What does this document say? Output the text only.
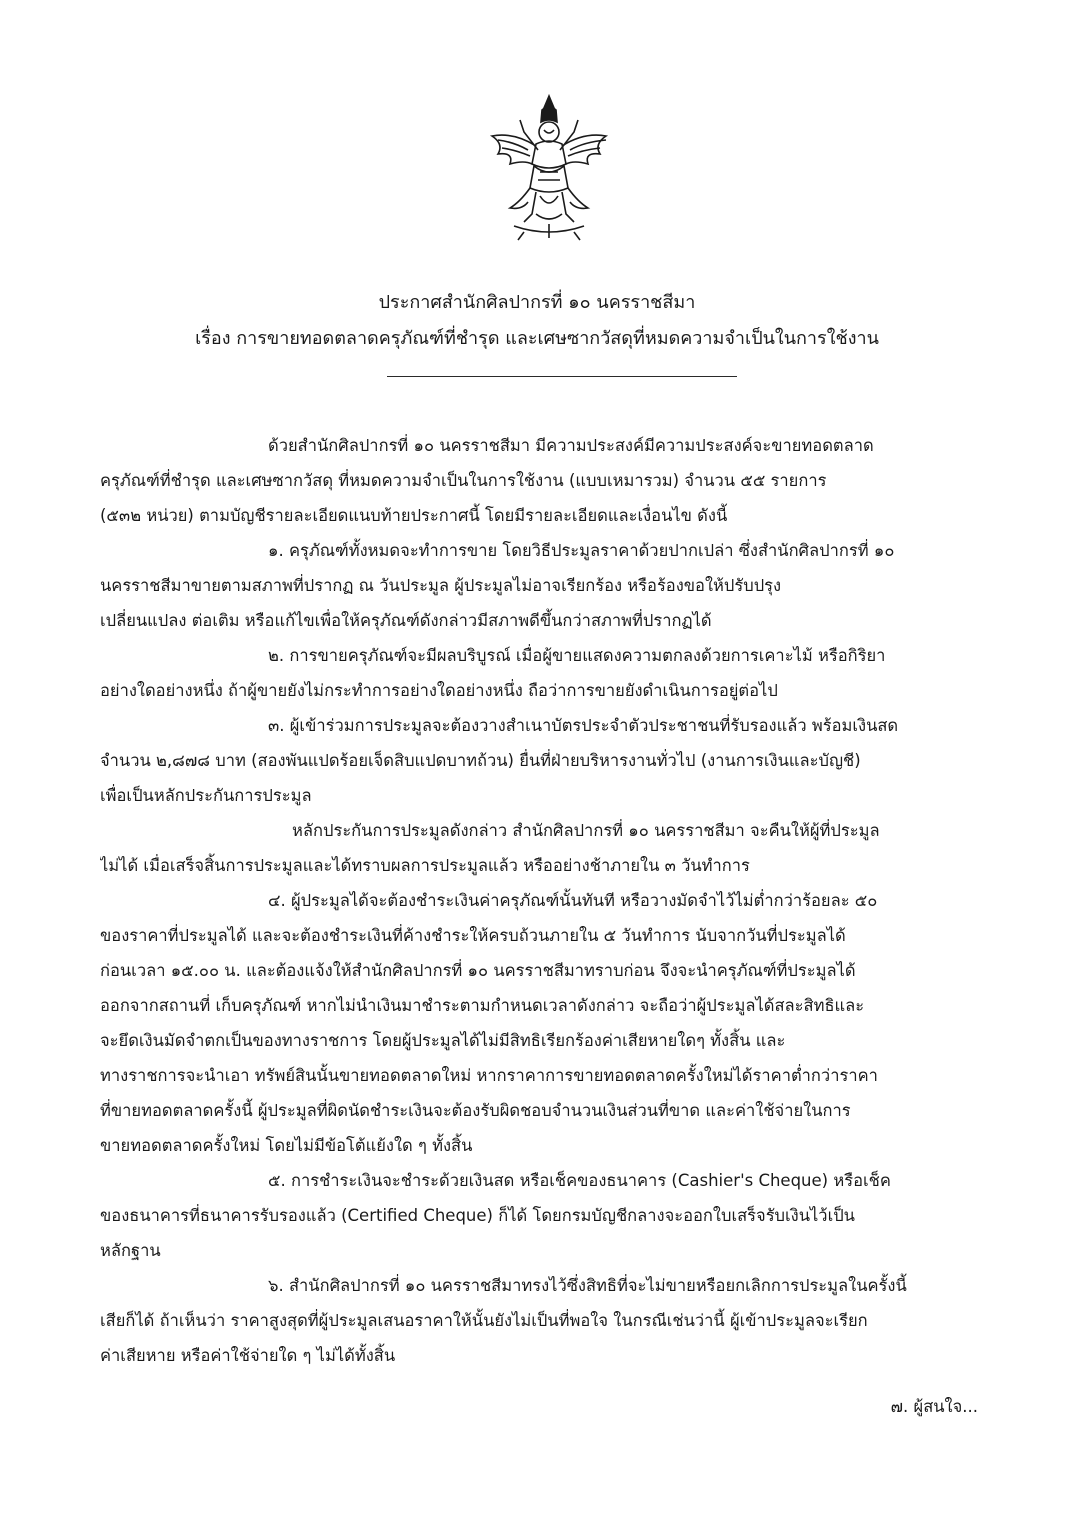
ประกาศสำนักศิลปากรที่ ๑๐ นครราชสีมา
เรื่อง การขายทอดตลาดครุภัณฑ์ที่ชำรุด และเศษซากวัสดุที่หมดความจำเป็นในการใช้งาน
ด้วยสำนักศิลปากรที่ ๑๐ นครราชสีมา มีความประสงค์มีความประสงค์จะขายทอดตลาด
ครุภัณฑ์ที่ชำรุด และเศษซากวัสดุ ที่หมดความจำเป็นในการใช้งาน (แบบเหมารวม) จำนวน ๕๕ รายการ
(๕๓๒ หน่วย) ตามบัญชีรายละเอียดแนบท้ายประกาศนี้ โดยมีรายละเอียดและเงื่อนไข ดังนี้
๑. ครุภัณฑ์ทั้งหมดจะทำการขาย โดยวิธีประมูลราคาด้วยปากเปล่า ซึ่งสำนักศิลปากรที่ ๑๐
นครราชสีมาขายตามสภาพที่ปรากฏ ณ วันประมูล ผู้ประมูลไม่อาจเรียกร้อง หรือร้องขอให้ปรับปรุง
เปลี่ยนแปลง ต่อเติม หรือแก้ไขเพื่อให้ครุภัณฑ์ดังกล่าวมีสภาพดีขึ้นกว่าสภาพที่ปรากฏได้
๒. การขายครุภัณฑ์จะมีผลบริบูรณ์ เมื่อผู้ขายแสดงความตกลงด้วยการเคาะไม้ หรือกิริยา
อย่างใดอย่างหนึ่ง ถ้าผู้ขายยังไม่กระทำการอย่างใดอย่างหนึ่ง ถือว่าการขายยังดำเนินการอยู่ต่อไป
๓. ผู้เข้าร่วมการประมูลจะต้องวางสำเนาบัตรประจำตัวประชาชนที่รับรองแล้ว พร้อมเงินสด
จำนวน ๒,๘๗๘ บาท (สองพันแปดร้อยเจ็ดสิบแปดบาทถ้วน) ยื่นที่ฝ่ายบริหารงานทั่วไป (งานการเงินและบัญชี)
เพื่อเป็นหลักประกันการประมูล
หลักประกันการประมูลดังกล่าว สำนักศิลปากรที่ ๑๐ นครราชสีมา จะคืนให้ผู้ที่ประมูล
ไม่ได้ เมื่อเสร็จสิ้นการประมูลและได้ทราบผลการประมูลแล้ว หรืออย่างช้าภายใน ๓ วันทำการ
๔. ผู้ประมูลได้จะต้องชำระเงินค่าครุภัณฑ์นั้นทันที หรือวางมัดจำไว้ไม่ต่ำกว่าร้อยละ ๕๐
ของราคาที่ประมูลได้ และจะต้องชำระเงินที่ค้างชำระให้ครบถ้วนภายใน ๕ วันทำการ นับจากวันที่ประมูลได้
ก่อนเวลา ๑๕.๐๐ น. และต้องแจ้งให้สำนักศิลปากรที่ ๑๐ นครราชสีมาทราบก่อน จึงจะนำครุภัณฑ์ที่ประมูลได้
ออกจากสถานที่ เก็บครุภัณฑ์ หากไม่นำเงินมาชำระตามกำหนดเวลาดังกล่าว จะถือว่าผู้ประมูลได้สละสิทธิและ
จะยึดเงินมัดจำตกเป็นของทางราชการ โดยผู้ประมูลได้ไม่มีสิทธิเรียกร้องค่าเสียหายใดๆ ทั้งสิ้น และ
ทางราชการจะนำเอา ทรัพย์สินนั้นขายทอดตลาดใหม่ หากราคาการขายทอดตลาดครั้งใหม่ได้ราคาต่ำกว่าราคา
ที่ขายทอดตลาดครั้งนี้ ผู้ประมูลที่ผิดนัดชำระเงินจะต้องรับผิดชอบจำนวนเงินส่วนที่ขาด และค่าใช้จ่ายในการ
ขายทอดตลาดครั้งใหม่ โดยไม่มีข้อโต้แย้งใด ๆ ทั้งสิ้น
๕. การชำระเงินจะชำระด้วยเงินสด หรือเช็คของธนาคาร (Cashier's Cheque) หรือเช็ค
ของธนาคารที่ธนาคารรับรองแล้ว (Certified Cheque) ก็ได้ โดยกรมบัญชีกลางจะออกใบเสร็จรับเงินไว้เป็น
หลักฐาน
๖. สำนักศิลปากรที่ ๑๐ นครราชสีมาทรงไว้ซึ่งสิทธิที่จะไม่ขายหรือยกเลิกการประมูลในครั้งนี้
เสียก็ได้ ถ้าเห็นว่า ราคาสูงสุดที่ผู้ประมูลเสนอราคาให้นั้นยังไม่เป็นที่พอใจ ในกรณีเช่นว่านี้ ผู้เข้าประมูลจะเรียก
ค่าเสียหาย หรือค่าใช้จ่ายใด ๆ ไม่ได้ทั้งสิ้น
๗. ผู้สนใจ...
